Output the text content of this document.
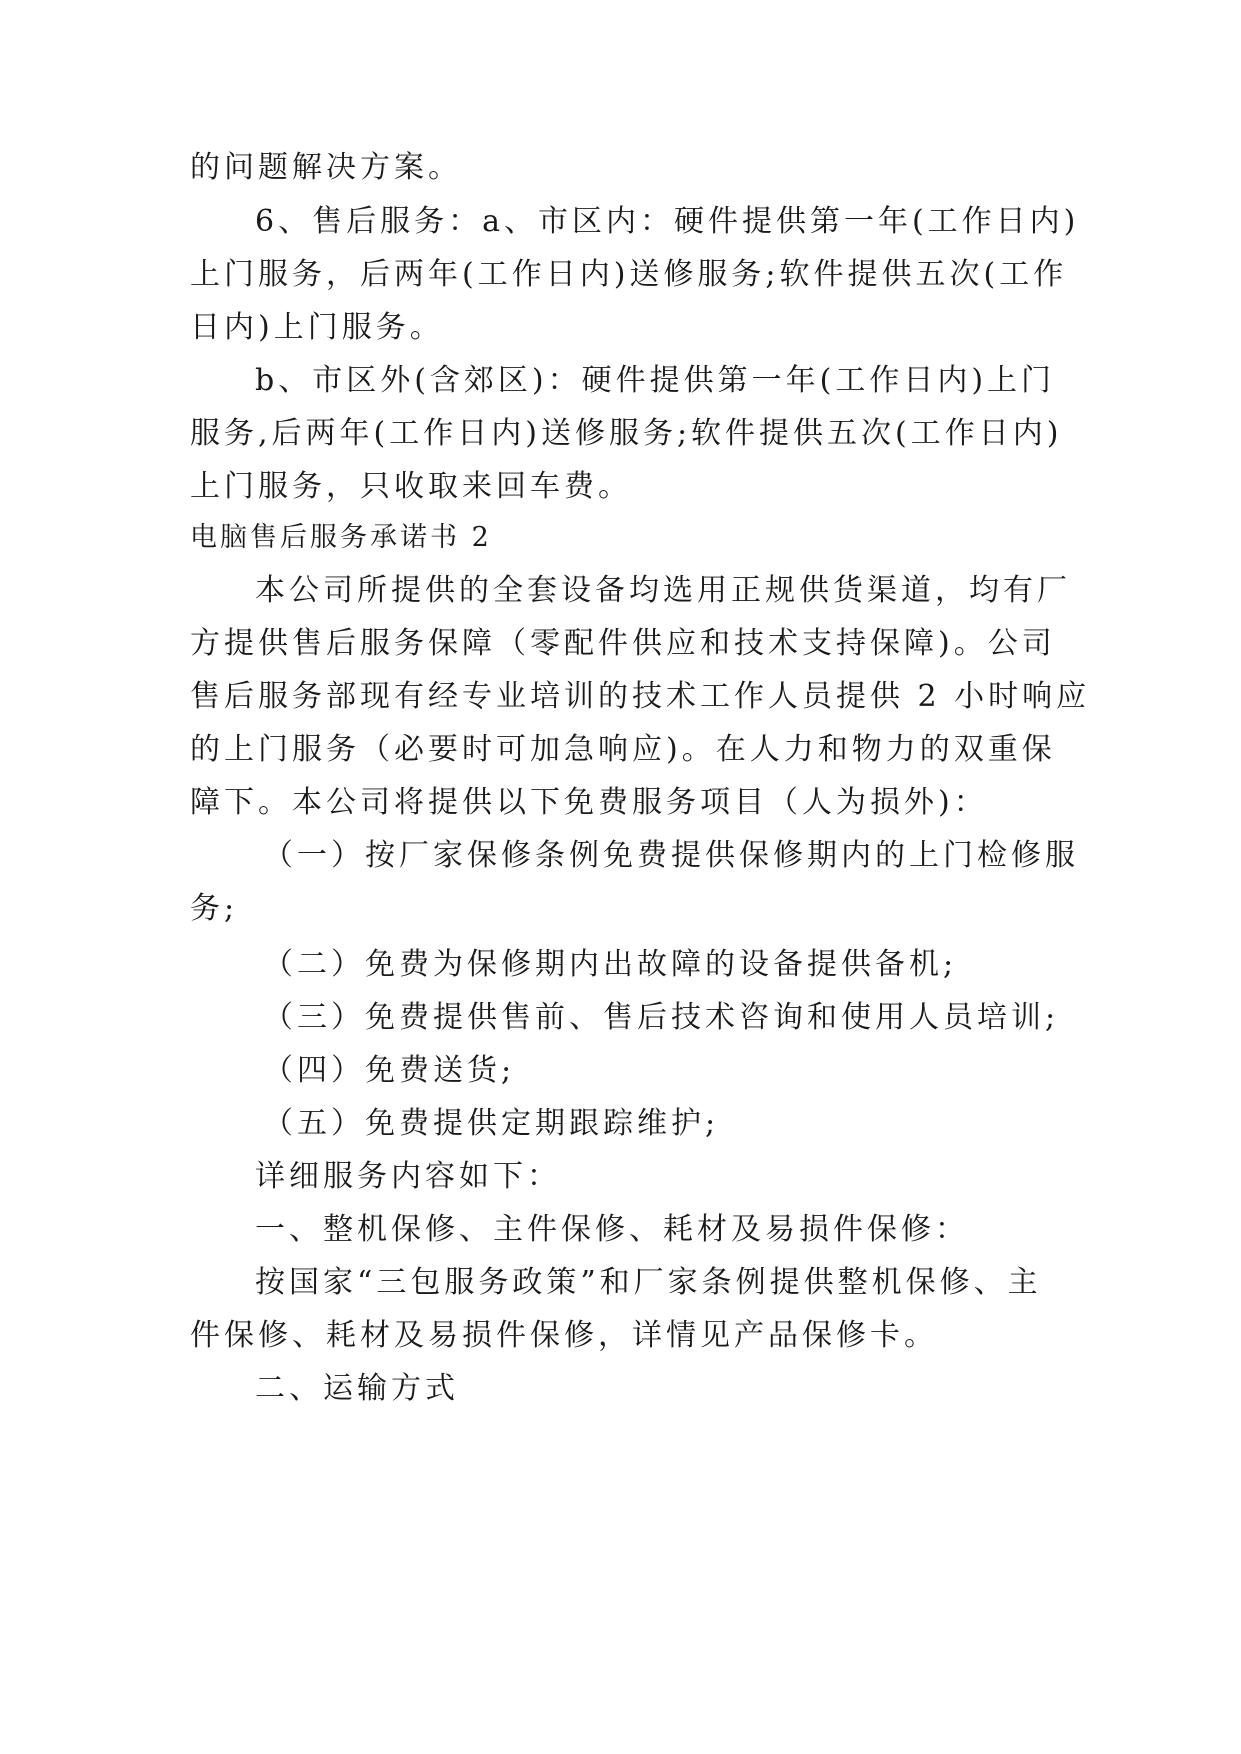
的问题解决方案。
6、售后服务：a、市区内：硬件提供第一年(工作日内)
上门服务，后两年(工作日内)送修服务;软件提供五次(工作
日内)上门服务。
b、市区外(含郊区)：硬件提供第一年(工作日内)上门
服务,后两年(工作日内)送修服务;软件提供五次(工作日内)
上门服务，只收取来回车费。
电脑售后服务承诺书 2
本公司所提供的全套设备均选用正规供货渠道，均有厂
方提供售后服务保障（零配件供应和技术支持保障)。公司
售后服务部现有经专业培训的技术工作人员提供 2 小时响应
的上门服务（必要时可加急响应)。在人力和物力的双重保
障下。本公司将提供以下免费服务项目（人为损外)：
（一）按厂家保修条例免费提供保修期内的上门检修服
务;
（二）免费为保修期内出故障的设备提供备机;
（三）免费提供售前、售后技术咨询和使用人员培训;
（四）免费送货;
（五）免费提供定期跟踪维护;
详细服务内容如下：
一、整机保修、主件保修、耗材及易损件保修：
按国家“三包服务政策”和厂家条例提供整机保修、主
件保修、耗材及易损件保修，详情见产品保修卡。
二、运输方式
